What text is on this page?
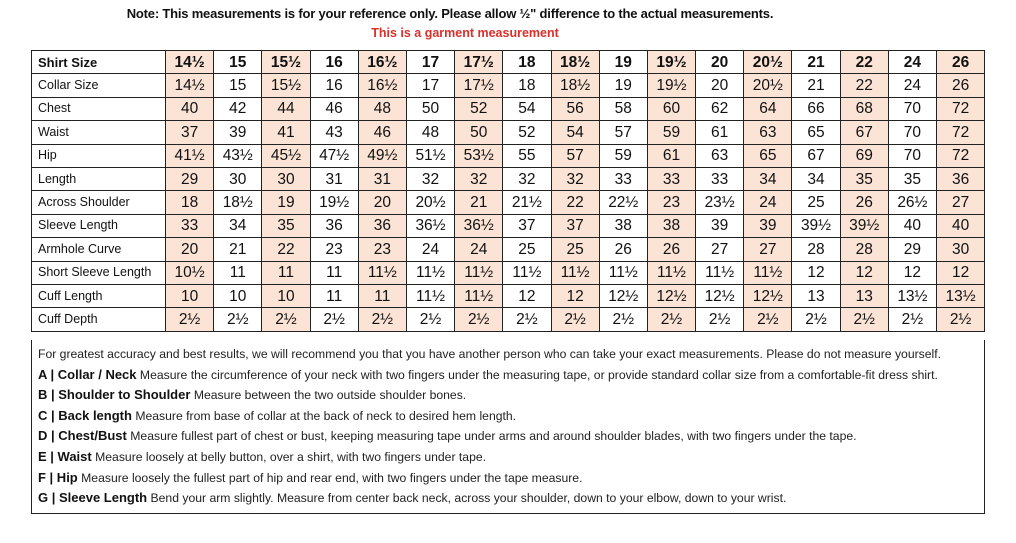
Note: This measurements is for your reference only. Please allow ½" difference to the actual measurements.
This is a garment measurement
Shirt Size	14½	15	15½	16	16½	17	17½	18	18½	19	19½	20	20½	21	22	24	26
Collar Size	14½	15	15½	16	16½	17	17½	18	18½	19	19½	20	20½	21	22	24	26
Chest	40	42	44	46	48	50	52	54	56	58	60	62	64	66	68	70	72
Waist	37	39	41	43	46	48	50	52	54	57	59	61	63	65	67	70	72
Hip	41½	43½	45½	47½	49½	51½	53½	55	57	59	61	63	65	67	69	70	72
Length	29	30	30	31	31	32	32	32	32	33	33	33	34	34	35	35	36
Across Shoulder	18	18½	19	19½	20	20½	21	21½	22	22½	23	23½	24	25	26	26½	27
Sleeve Length	33	34	35	36	36	36½	36½	37	37	38	38	39	39	39½	39½	40	40
Armhole Curve	20	21	22	23	23	24	24	25	25	26	26	27	27	28	28	29	30
Short Sleeve Length	10½	11	11	11	11½	11½	11½	11½	11½	11½	11½	11½	11½	12	12	12	12
Cuff Length	10	10	10	11	11	11½	11½	12	12	12½	12½	12½	12½	13	13	13½	13½
Cuff Depth	2½	2½	2½	2½	2½	2½	2½	2½	2½	2½	2½	2½	2½	2½	2½	2½	2½
For greatest accuracy and best results, we will recommend you that you have another person who can take your exact measurements. Please do not measure yourself.
A | Collar / Neck Measure the circumference of your neck with two fingers under the measuring tape, or provide standard collar size from a comfortable-fit dress shirt.
B | Shoulder to Shoulder Measure between the two outside shoulder bones.
C | Back length Measure from base of collar at the back of neck to desired hem length.
D | Chest/Bust Measure fullest part of chest or bust, keeping measuring tape under arms and around shoulder blades, with two fingers under the tape.
E | Waist Measure loosely at belly button, over a shirt, with two fingers under tape.
F | Hip Measure loosely the fullest part of hip and rear end, with two fingers under the tape measure.
G | Sleeve Length Bend your arm slightly. Measure from center back neck, across your shoulder, down to your elbow, down to your wrist.
